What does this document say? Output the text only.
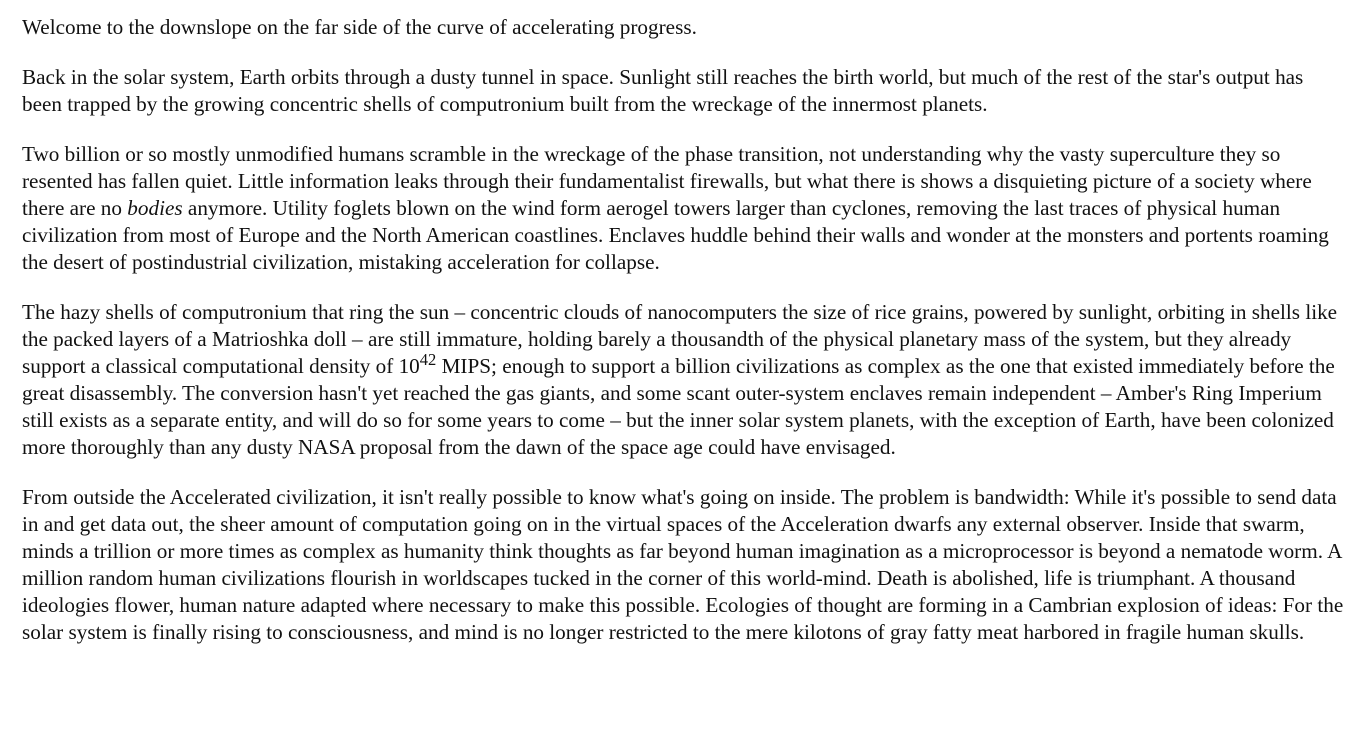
Welcome to the downslope on the far side of the curve of accelerating progress.

Back in the solar system, Earth orbits through a dusty tunnel in space. Sunlight still reaches the birth world, but much of the rest of the star's output has been trapped by the growing concentric shells of computronium built from the wreckage of the innermost planets.

Two billion or so mostly unmodified humans scramble in the wreckage of the phase transition, not understanding why the vasty superculture they so resented has fallen quiet. Little information leaks through their fundamentalist firewalls, but what there is shows a disquieting picture of a society where there are no bodies anymore. Utility foglets blown on the wind form aerogel towers larger than cyclones, removing the last traces of physical human civilization from most of Europe and the North American coastlines. Enclaves huddle behind their walls and wonder at the monsters and portents roaming the desert of postindustrial civilization, mistaking acceleration for collapse.

The hazy shells of computronium that ring the sun – concentric clouds of nanocomputers the size of rice grains, powered by sunlight, orbiting in shells like the packed layers of a Matrioshka doll – are still immature, holding barely a thousandth of the physical planetary mass of the system, but they already support a classical computational density of $10^{42}$ MIPS; enough to support a billion civilizations as complex as the one that existed immediately before the great disassembly. The conversion hasn't yet reached the gas giants, and some scant outer-system enclaves remain independent – Amber's Ring Imperium still exists as a separate entity, and will do so for some years to come – but the inner solar system planets, with the exception of Earth, have been colonized more thoroughly than any dusty NASA proposal from the dawn of the space age could have envisaged.

From outside the Accelerated civilization, it isn't really possible to know what's going on inside. The problem is bandwidth: While it's possible to send data in and get data out, the sheer amount of computation going on in the virtual spaces of the Acceleration dwarfs any external observer. Inside that swarm, minds a trillion or more times as complex as humanity think thoughts as far beyond human imagination as a microprocessor is beyond a nematode worm. A million random human civilizations flourish in worldscapes tucked in the corner of this world-mind. Death is abolished, life is triumphant. A thousand ideologies flower, human nature adapted where necessary to make this possible. Ecologies of thought are forming in a Cambrian explosion of ideas: For the solar system is finally rising to consciousness, and mind is no longer restricted to the mere kilotons of gray fatty meat harbored in fragile human skulls.
